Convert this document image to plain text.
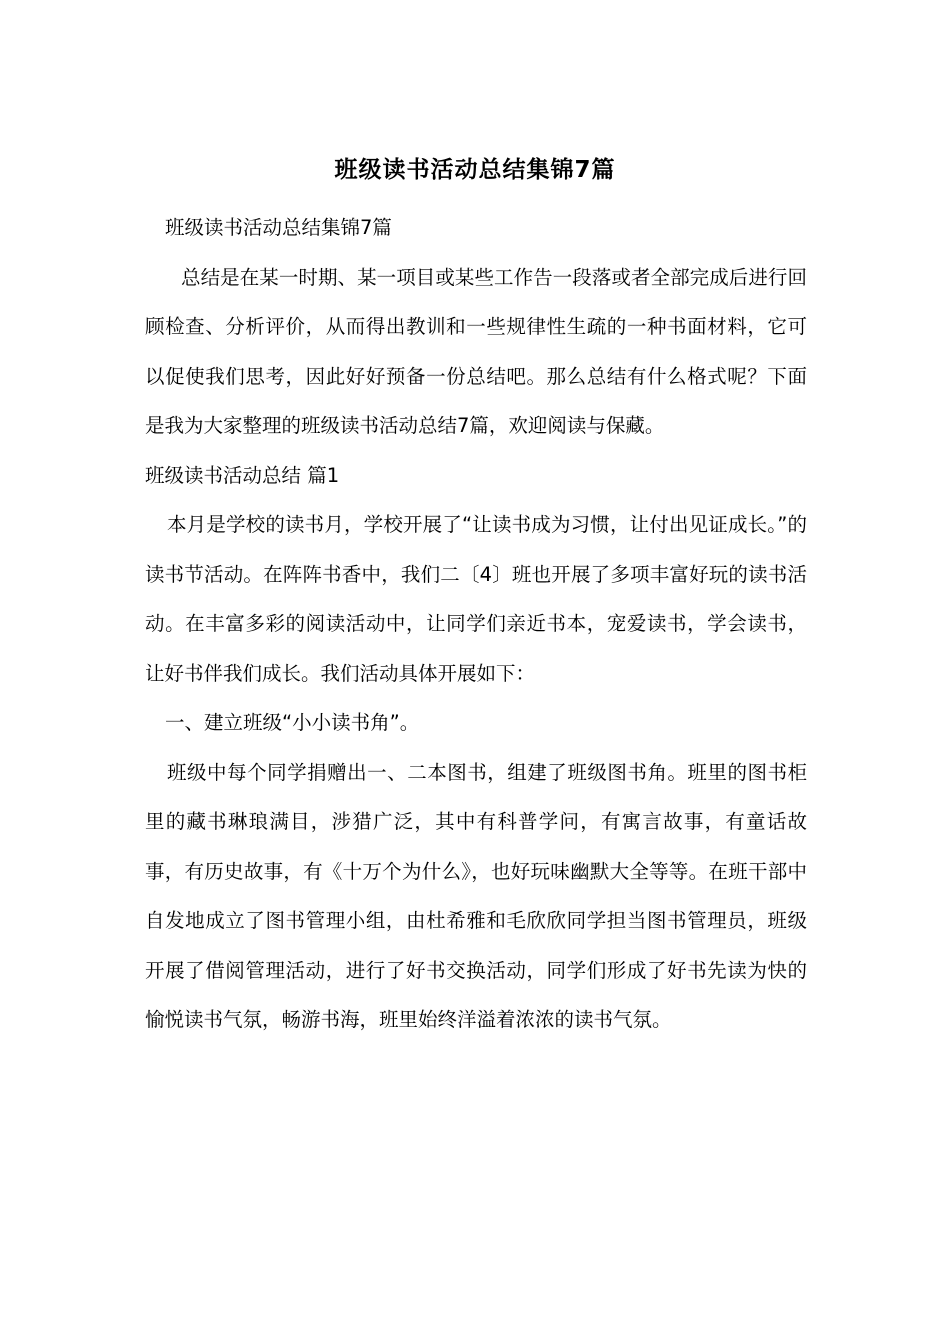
班级读书活动总结集锦7篇

班级读书活动总结集锦7篇

总结是在某一时期、某一项目或某些工作告一段落或者全部完成后进行回顾检查、分析评价，从而得出教训和一些规律性生疏的一种书面材料，它可以促使我们思考，因此好好预备一份总结吧。那么总结有什么格式呢？下面是我为大家整理的班级读书活动总结7篇，欢迎阅读与保藏。

班级读书活动总结 篇1

本月是学校的读书月，学校开展了“让读书成为习惯，让付出见证成长。”的读书节活动。在阵阵书香中，我们二〔4〕班也开展了多项丰富好玩的读书活动。在丰富多彩的阅读活动中，让同学们亲近书本，宠爱读书，学会读书，让好书伴我们成长。我们活动具体开展如下：

一、建立班级“小小读书角”。

班级中每个同学捐赠出一、二本图书，组建了班级图书角。班里的图书柜里的藏书琳琅满目，涉猎广泛，其中有科普学问，有寓言故事，有童话故事，有历史故事，有《十万个为什么》，也好玩味幽默大全等等。在班干部中自发地成立了图书管理小组，由杜希雅和毛欣欣同学担当图书管理员，班级开展了借阅管理活动，进行了好书交换活动，同学们形成了好书先读为快的愉悦读书气氛，畅游书海，班里始终洋溢着浓浓的读书气氛。
